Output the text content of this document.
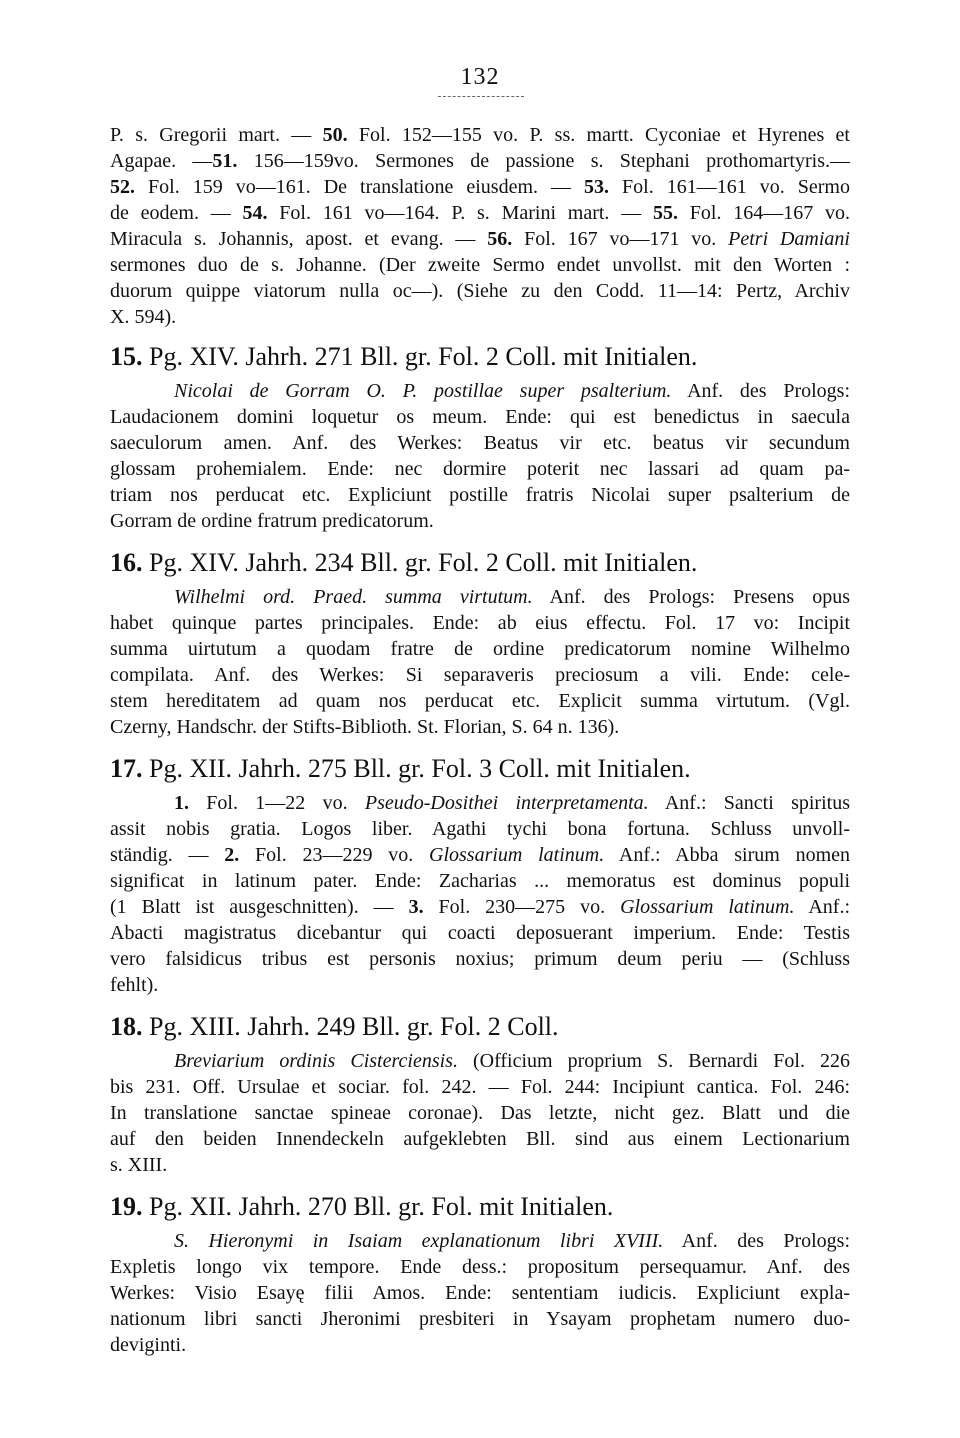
132
P. s. Gregorii mart. — 50. Fol. 152—155 vo. P. ss. martt. Cyconiae et Hyrenes et
Agapae. —51. 156—159vo. Sermones de passione s. Stephani prothomartyris.—
52. Fol. 159 vo—161. De translatione eiusdem. — 53. Fol. 161—161 vo. Sermo
de eodem. — 54. Fol. 161 vo—164. P. s. Marini mart. — 55. Fol. 164—167 vo.
Miracula s. Johannis, apost. et evang. — 56. Fol. 167 vo—171 vo. Petri Damiani
sermones duo de s. Johanne. (Der zweite Sermo endet unvollst. mit den Worten :
duorum quippe viatorum nulla oc—). (Siehe zu den Codd. 11—14: Pertz, Archiv
X. 594).
15. Pg. XIV. Jahrh. 271 Bll. gr. Fol. 2 Coll. mit Initialen.
Nicolai de Gorram O. P. postillae super psalterium. Anf. des Prologs:
Laudacionem domini loquetur os meum. Ende: qui est benedictus in saecula
saeculorum amen. Anf. des Werkes: Beatus vir etc. beatus vir secundum
glossam prohemialem. Ende: nec dormire poterit nec lassari ad quam pa-
triam nos perducat etc. Expliciunt postille fratris Nicolai super psalterium de
Gorram de ordine fratrum predicatorum.
16. Pg. XIV. Jahrh. 234 Bll. gr. Fol. 2 Coll. mit Initialen.
Wilhelmi ord. Praed. summa virtutum. Anf. des Prologs: Presens opus
habet quinque partes principales. Ende: ab eius effectu. Fol. 17 vo: Incipit
summa uirtutum a quodam fratre de ordine predicatorum nomine Wilhelmo
compilata. Anf. des Werkes: Si separaveris preciosum a vili. Ende: cele-
stem hereditatem ad quam nos perducat etc. Explicit summa virtutum. (Vgl.
Czerny, Handschr. der Stifts-Biblioth. St. Florian, S. 64 n. 136).
17. Pg. XII. Jahrh. 275 Bll. gr. Fol. 3 Coll. mit Initialen.
1. Fol. 1—22 vo. Pseudo-Dosithei interpretamenta. Anf.: Sancti spiritus
assit nobis gratia. Logos liber. Agathi tychi bona fortuna. Schluss unvoll-
ständig. — 2. Fol. 23—229 vo. Glossarium latinum. Anf.: Abba sirum nomen
significat in latinum pater. Ende: Zacharias ... memoratus est dominus populi
(1 Blatt ist ausgeschnitten). — 3. Fol. 230—275 vo. Glossarium latinum. Anf.:
Abacti magistratus dicebantur qui coacti deposuerant imperium. Ende: Testis
vero falsidicus tribus est personis noxius; primum deum periu — (Schluss
fehlt).
18. Pg. XIII. Jahrh. 249 Bll. gr. Fol. 2 Coll.
Breviarium ordinis Cisterciensis. (Officium proprium S. Bernardi Fol. 226
bis 231. Off. Ursulae et sociar. fol. 242. — Fol. 244: Incipiunt cantica. Fol. 246:
In translatione sanctae spineae coronae). Das letzte, nicht gez. Blatt und die
auf den beiden Innendeckeln aufgeklebten Bll. sind aus einem Lectionarium
s. XIII.
19. Pg. XII. Jahrh. 270 Bll. gr. Fol. mit Initialen.
S. Hieronymi in Isaiam explanationum libri XVIII. Anf. des Prologs:
Expletis longo vix tempore. Ende dess.: propositum persequamur. Anf. des
Werkes: Visio Esayę filii Amos. Ende: sententiam iudicis. Expliciunt expla-
nationum libri sancti Jheronimi presbiteri in Ysayam prophetam numero duo-
deviginti.
